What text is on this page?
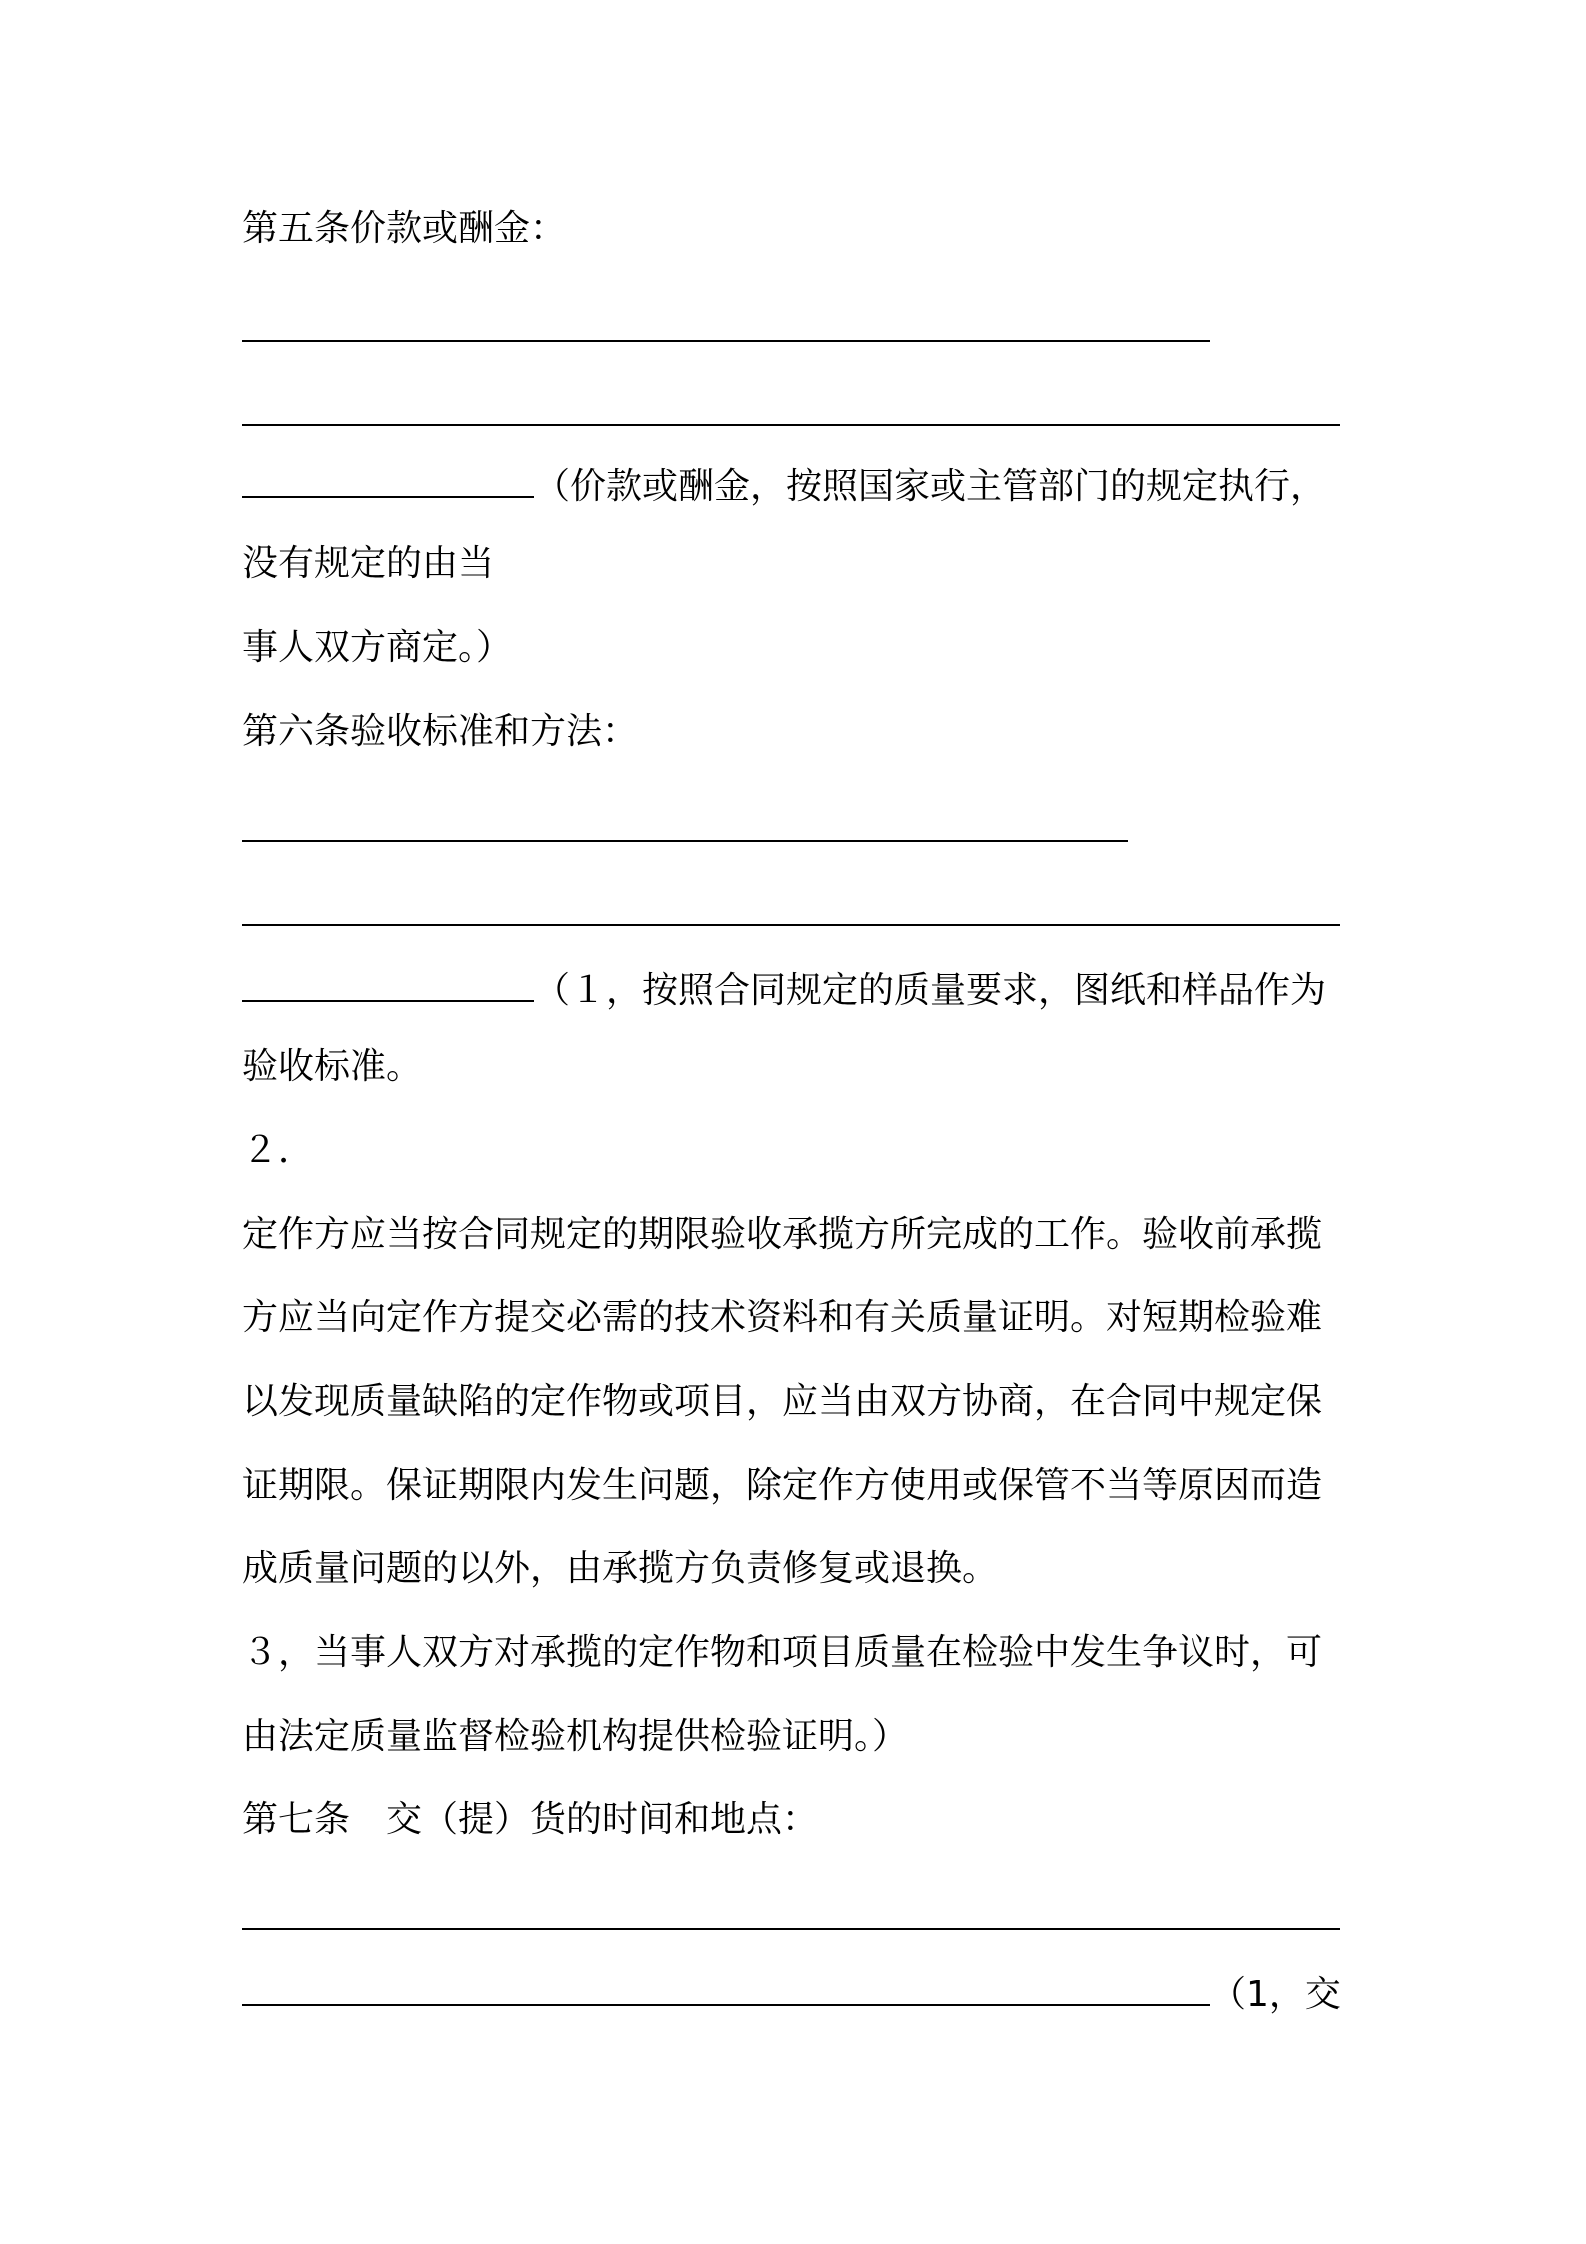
第五条价款或酬金：
（价款或酬金，按照国家或主管部门的规定执行，
没有规定的由当
事人双方商定。）
第六条验收标准和方法：
（１，按照合同规定的质量要求，图纸和样品作为
验收标准。
２．
定作方应当按合同规定的期限验收承揽方所完成的工作。验收前承揽
方应当向定作方提交必需的技术资料和有关质量证明。对短期检验难
以发现质量缺陷的定作物或项目，应当由双方协商，在合同中规定保
证期限。保证期限内发生问题，除定作方使用或保管不当等原因而造
成质量问题的以外，由承揽方负责修复或退换。
３，当事人双方对承揽的定作物和项目质量在检验中发生争议时，可
由法定质量监督检验机构提供检验证明。）
第七条　交（提）货的时间和地点：
（1，交
